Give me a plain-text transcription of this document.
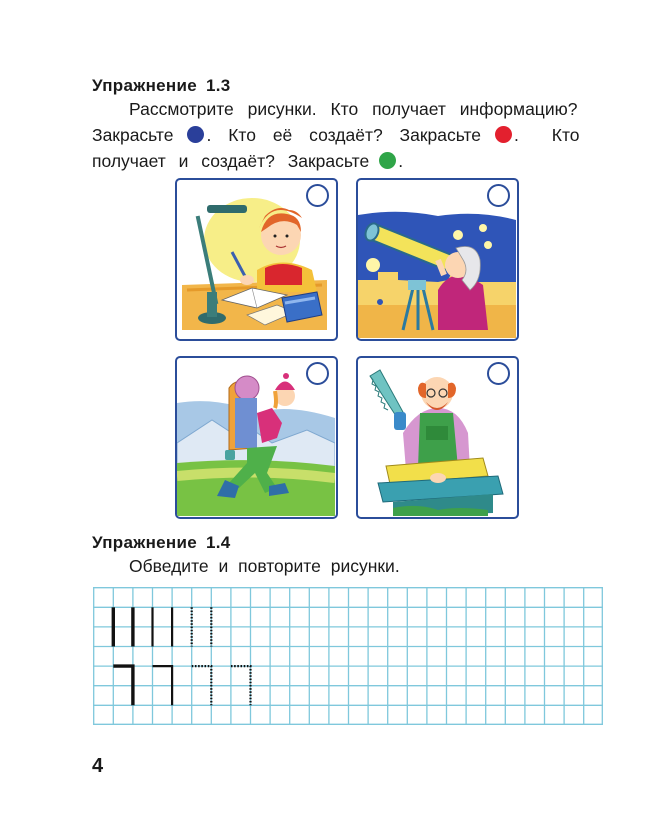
Упражнение 1.3
Рассмотрите рисунки. Кто получает информацию?
Закрасьте . Кто её создаёт? Закрасьте . Кто
получает и создаёт? Закрасьте .
Упражнение 1.4
Обведите и повторите рисунки.
4
